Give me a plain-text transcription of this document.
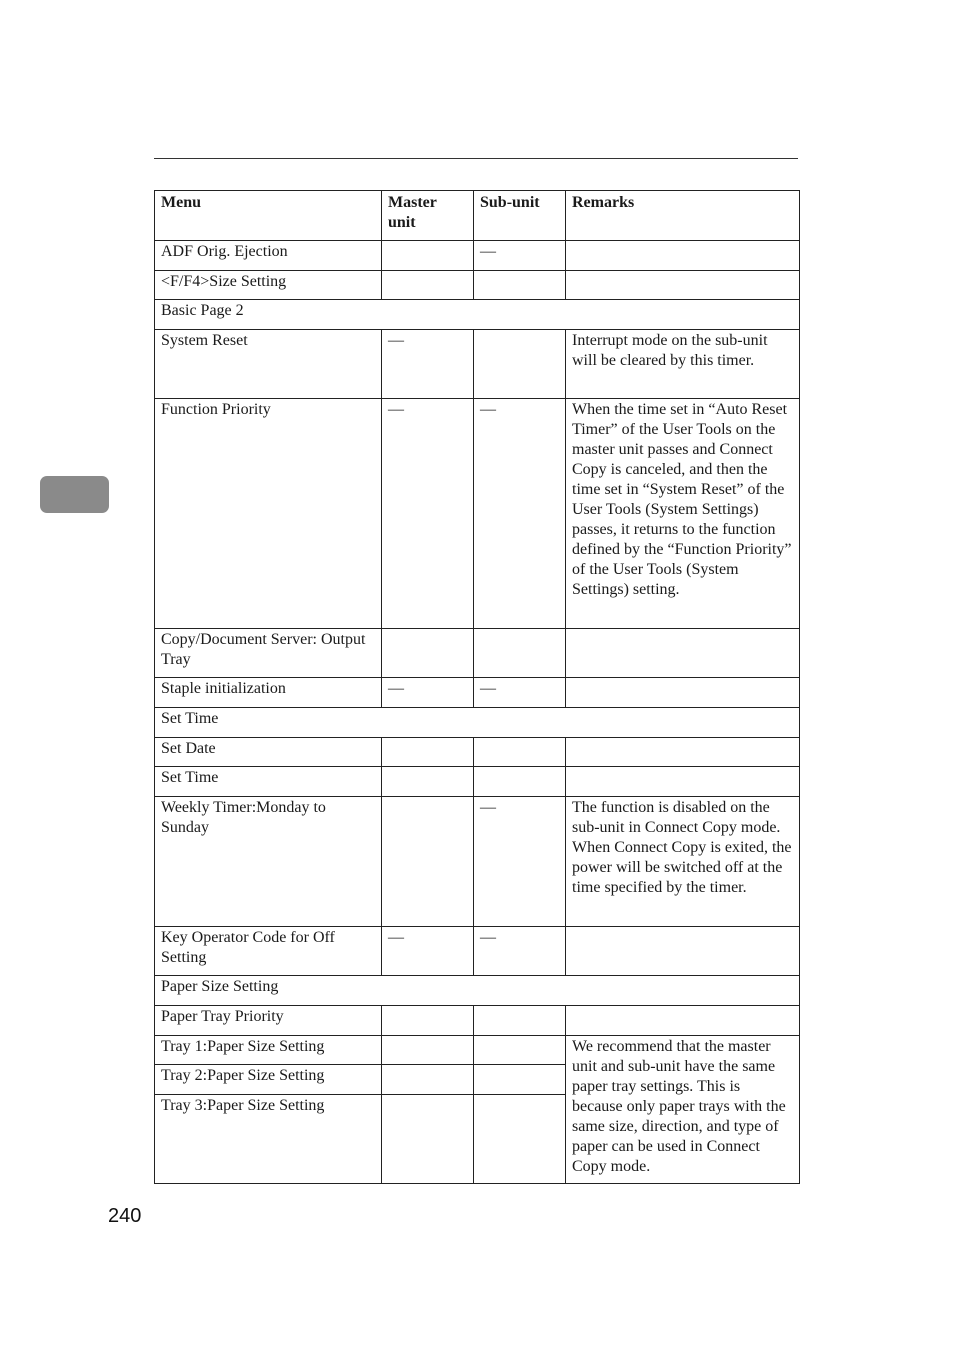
Menu	Master unit	Sub-unit	Remarks
ADF Orig. Ejection		—	
<F/F4>Size Setting			
Basic Page 2			
System Reset	—		Interrupt mode on the sub-unit will be cleared by this timer.
Function Priority	—	—	When the time set in “Auto Reset Timer” of the User Tools on the master unit passes and Connect Copy is canceled, and then the time set in “System Reset” of the User Tools (System Settings) passes, it returns to the function defined by the “Function Priority” of the User Tools (System Settings) setting.
Copy/Document Server: Output Tray			
Staple initialization	—	—	
Set Time			
Set Date			
Set Time			
Weekly Timer:Monday to Sunday		—	The function is disabled on the sub-unit in Connect Copy mode. When Connect Copy is exited, the power will be switched off at the time specified by the timer.
Key Operator Code for Off Setting	—	—	
Paper Size Setting			
Paper Tray Priority			
Tray 1:Paper Size Setting			We recommend that the master unit and sub-unit have the same paper tray settings. This is because only paper trays with the same size, direction, and type of paper can be used in Connect Copy mode.
Tray 2:Paper Size Setting			
Tray 3:Paper Size Setting			
240
